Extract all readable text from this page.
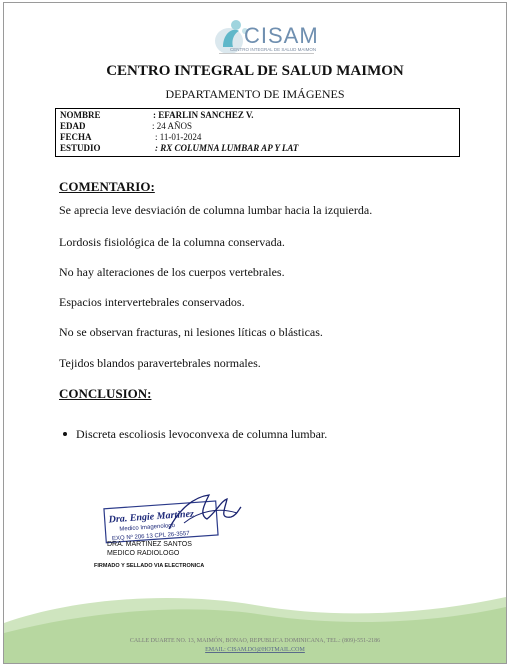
CISAM
CENTRO INTEGRAL DE SALUD MAIMON
CENTRO INTEGRAL DE SALUD MAIMON
DEPARTAMENTO DE IMÁGENES
NOMBRE	: EFARLIN SANCHEZ V.
EDAD	: 24 AÑOS
FECHA	: 11-01-2024
ESTUDIO	: RX COLUMNA LUMBAR AP Y LAT
COMENTARIO:
Se aprecia leve desviación de columna lumbar hacia la izquierda.
Lordosis fisiológica de la columna conservada.
No hay alteraciones de los cuerpos vertebrales.
Espacios intervertebrales conservados.
No se observan fracturas, ni lesiones líticas o blásticas.
Tejidos blandos paravertebrales normales.
CONCLUSION:
Discreta escoliosis levoconvexa de columna lumbar.
Dra. Engie Martinez
Medico Imagenologo
EXQ Nº 206 13 CPL 26-3557
DRA. MARTINEZ SANTOS
MEDICO RADIOLOGO
FIRMADO Y SELLADO VIA ELECTRONICA
CALLE DUARTE NO. 13, MAIMÓN, BONAO, REPUBLICA DOMINICANA, TEL.: (809)-551-2186
EMAIL: CISAM.DO@HOTMAIL.COM
